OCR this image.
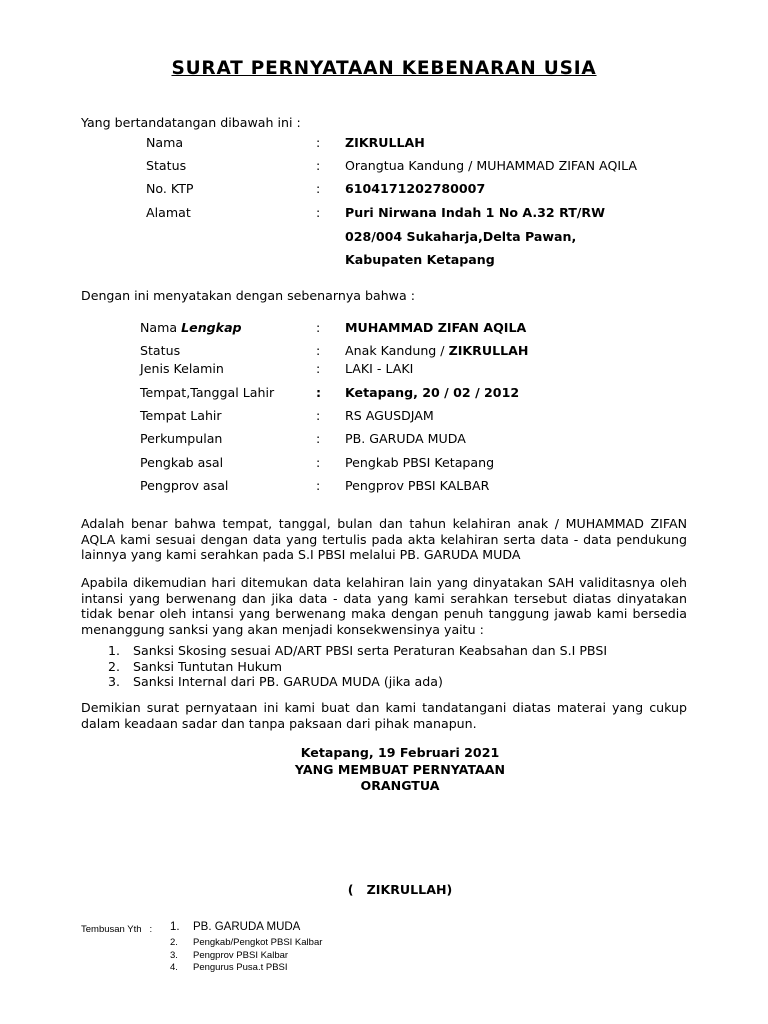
SURAT PERNYATAAN KEBENARAN USIA
Yang bertandatangan dibawah ini :
Nama	: ZIKRULLAH
Status	: Orangtua Kandung / MUHAMMAD ZIFAN AQILA
No. KTP	: 6104171202780007
Alamat	: Puri Nirwana Indah 1 No A.32 RT/RW
028/004 Sukaharja,Delta Pawan,
Kabupaten Ketapang
Dengan ini menyatakan dengan sebenarnya bahwa :
Nama Lengkap	: MUHAMMAD ZIFAN AQILA
Status	: Anak Kandung / ZIKRULLAH
Jenis Kelamin	: LAKI - LAKI
Tempat,Tanggal Lahir	: Ketapang, 20 / 02 / 2012
Tempat Lahir	: RS AGUSDJAM
Perkumpulan	: PB. GARUDA MUDA
Pengkab asal	: Pengkab PBSI Ketapang
Pengprov asal	: Pengprov PBSI KALBAR
Adalah benar bahwa tempat, tanggal, bulan dan tahun kelahiran anak / MUHAMMAD ZIFAN AQLA kami sesuai dengan data yang tertulis pada akta kelahiran serta data - data pendukung lainnya yang kami serahkan pada S.I PBSI melalui PB. GARUDA MUDA
Apabila dikemudian hari ditemukan data kelahiran lain yang dinyatakan SAH validitasnya oleh intansi yang berwenang dan jika data - data yang kami serahkan tersebut diatas dinyatakan tidak benar oleh intansi yang berwenang maka dengan penuh tanggung jawab kami bersedia menanggung sanksi yang akan menjadi konsekwensinya yaitu :
1. Sanksi Skosing sesuai AD/ART PBSI serta Peraturan Keabsahan dan S.I PBSI
2. Sanksi Tuntutan Hukum
3. Sanksi Internal dari PB. GARUDA MUDA (jika ada)
Demikian surat pernyataan ini kami buat dan kami tandatangani diatas materai yang cukup dalam keadaan sadar dan tanpa paksaan dari pihak manapun.
Ketapang, 19 Februari 2021
YANG MEMBUAT PERNYATAAN
ORANGTUA
(   ZIKRULLAH)
Tembusan Yth   : 1. PB. GARUDA MUDA
2. Pengkab/Pengkot PBSI Kalbar
3. Pengprov PBSI Kalbar
4. Pengurus Pusa.t PBSI
